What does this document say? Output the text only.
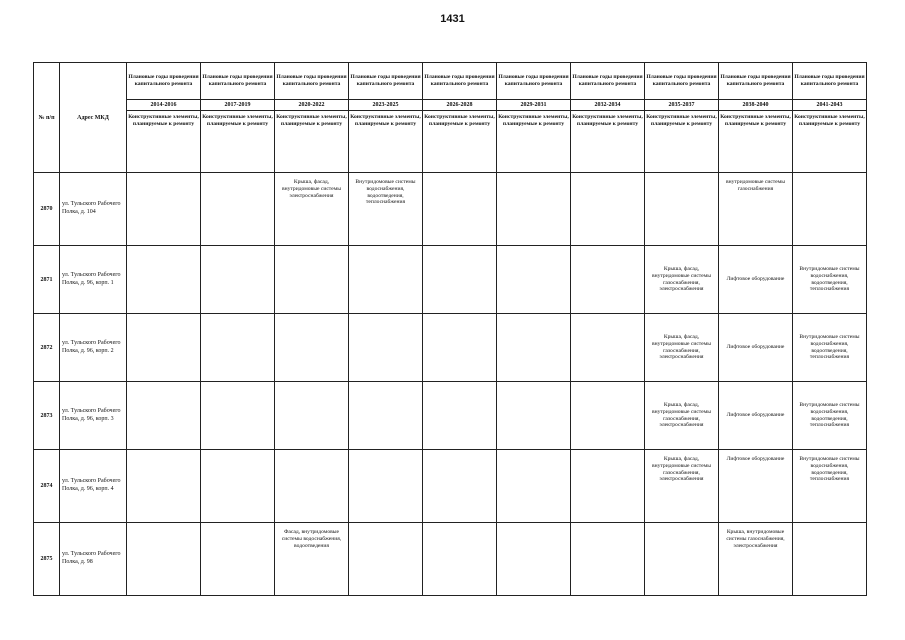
1431
№ п/п	Адрес МКД	Плановые годы проведения капитального ремонта	Плановые годы проведения капитального ремонта	Плановые годы проведения капитального ремонта	Плановые годы проведения капитального ремонта	Плановые годы проведения капитального ремонта	Плановые годы проведения капитального ремонта	Плановые годы проведения капитального ремонта	Плановые годы проведения капитального ремонта	Плановые годы проведения капитального ремонта	Плановые годы проведения капитального ремонта
		2014-2016	2017-2019	2020-2022	2023-2025	2026-2028	2029-2031	2032-2034	2035-2037	2038-2040	2041-2043
		Конструктивные элементы, планируемые к ремонту	Конструктивные элементы, планируемые к ремонту	Конструктивные элементы, планируемые к ремонту	Конструктивные элементы, планируемые к ремонту	Конструктивные элементы, планируемые к ремонту	Конструктивные элементы, планируемые к ремонту	Конструктивные элементы, планируемые к ремонту	Конструктивные элементы, планируемые к ремонту	Конструктивные элементы, планируемые к ремонту	Конструктивные элементы, планируемые к ремонту
2870	ул. Тульского Рабочего Полка, д. 104			Крыша, фасад, внутридомовые системы электроснабжения	Внутридомовые системы водоснабжения, водоотведения, теплоснабжения					внутридомовые системы газоснабжения	
2871	ул. Тульского Рабочего Полка, д. 96, корп. 1								Крыша, фасад, внутридомовые системы газоснабжения, электроснабжения	Лифтовое оборудование	Внутридомовые системы водоснабжения, водоотведения, теплоснабжения
2872	ул. Тульского Рабочего Полка, д. 96, корп. 2								Крыша, фасад, внутридомовые системы газоснабжения, электроснабжения	Лифтовое оборудование	Внутридомовые системы водоснабжения, водоотведения, теплоснабжения
2873	ул. Тульского Рабочего Полка, д. 96, корп. 3								Крыша, фасад, внутридомовые системы газоснабжения, электроснабжения	Лифтовое оборудование	Внутридомовые системы водоснабжения, водоотведения, теплоснабжения
2874	ул. Тульского Рабочего Полка, д. 96, корп. 4								Крыша, фасад, внутридомовые системы газоснабжения, электроснабжения	Лифтовое оборудование	Внутридомовые системы водоснабжения, водоотведения, теплоснабжения
2875	ул. Тульского Рабочего Полка, д. 98			Фасад, внутридомовые системы водоснабжения, водоотведения						Крыша, внутридомовые системы газоснабжения, электроснабжения	
